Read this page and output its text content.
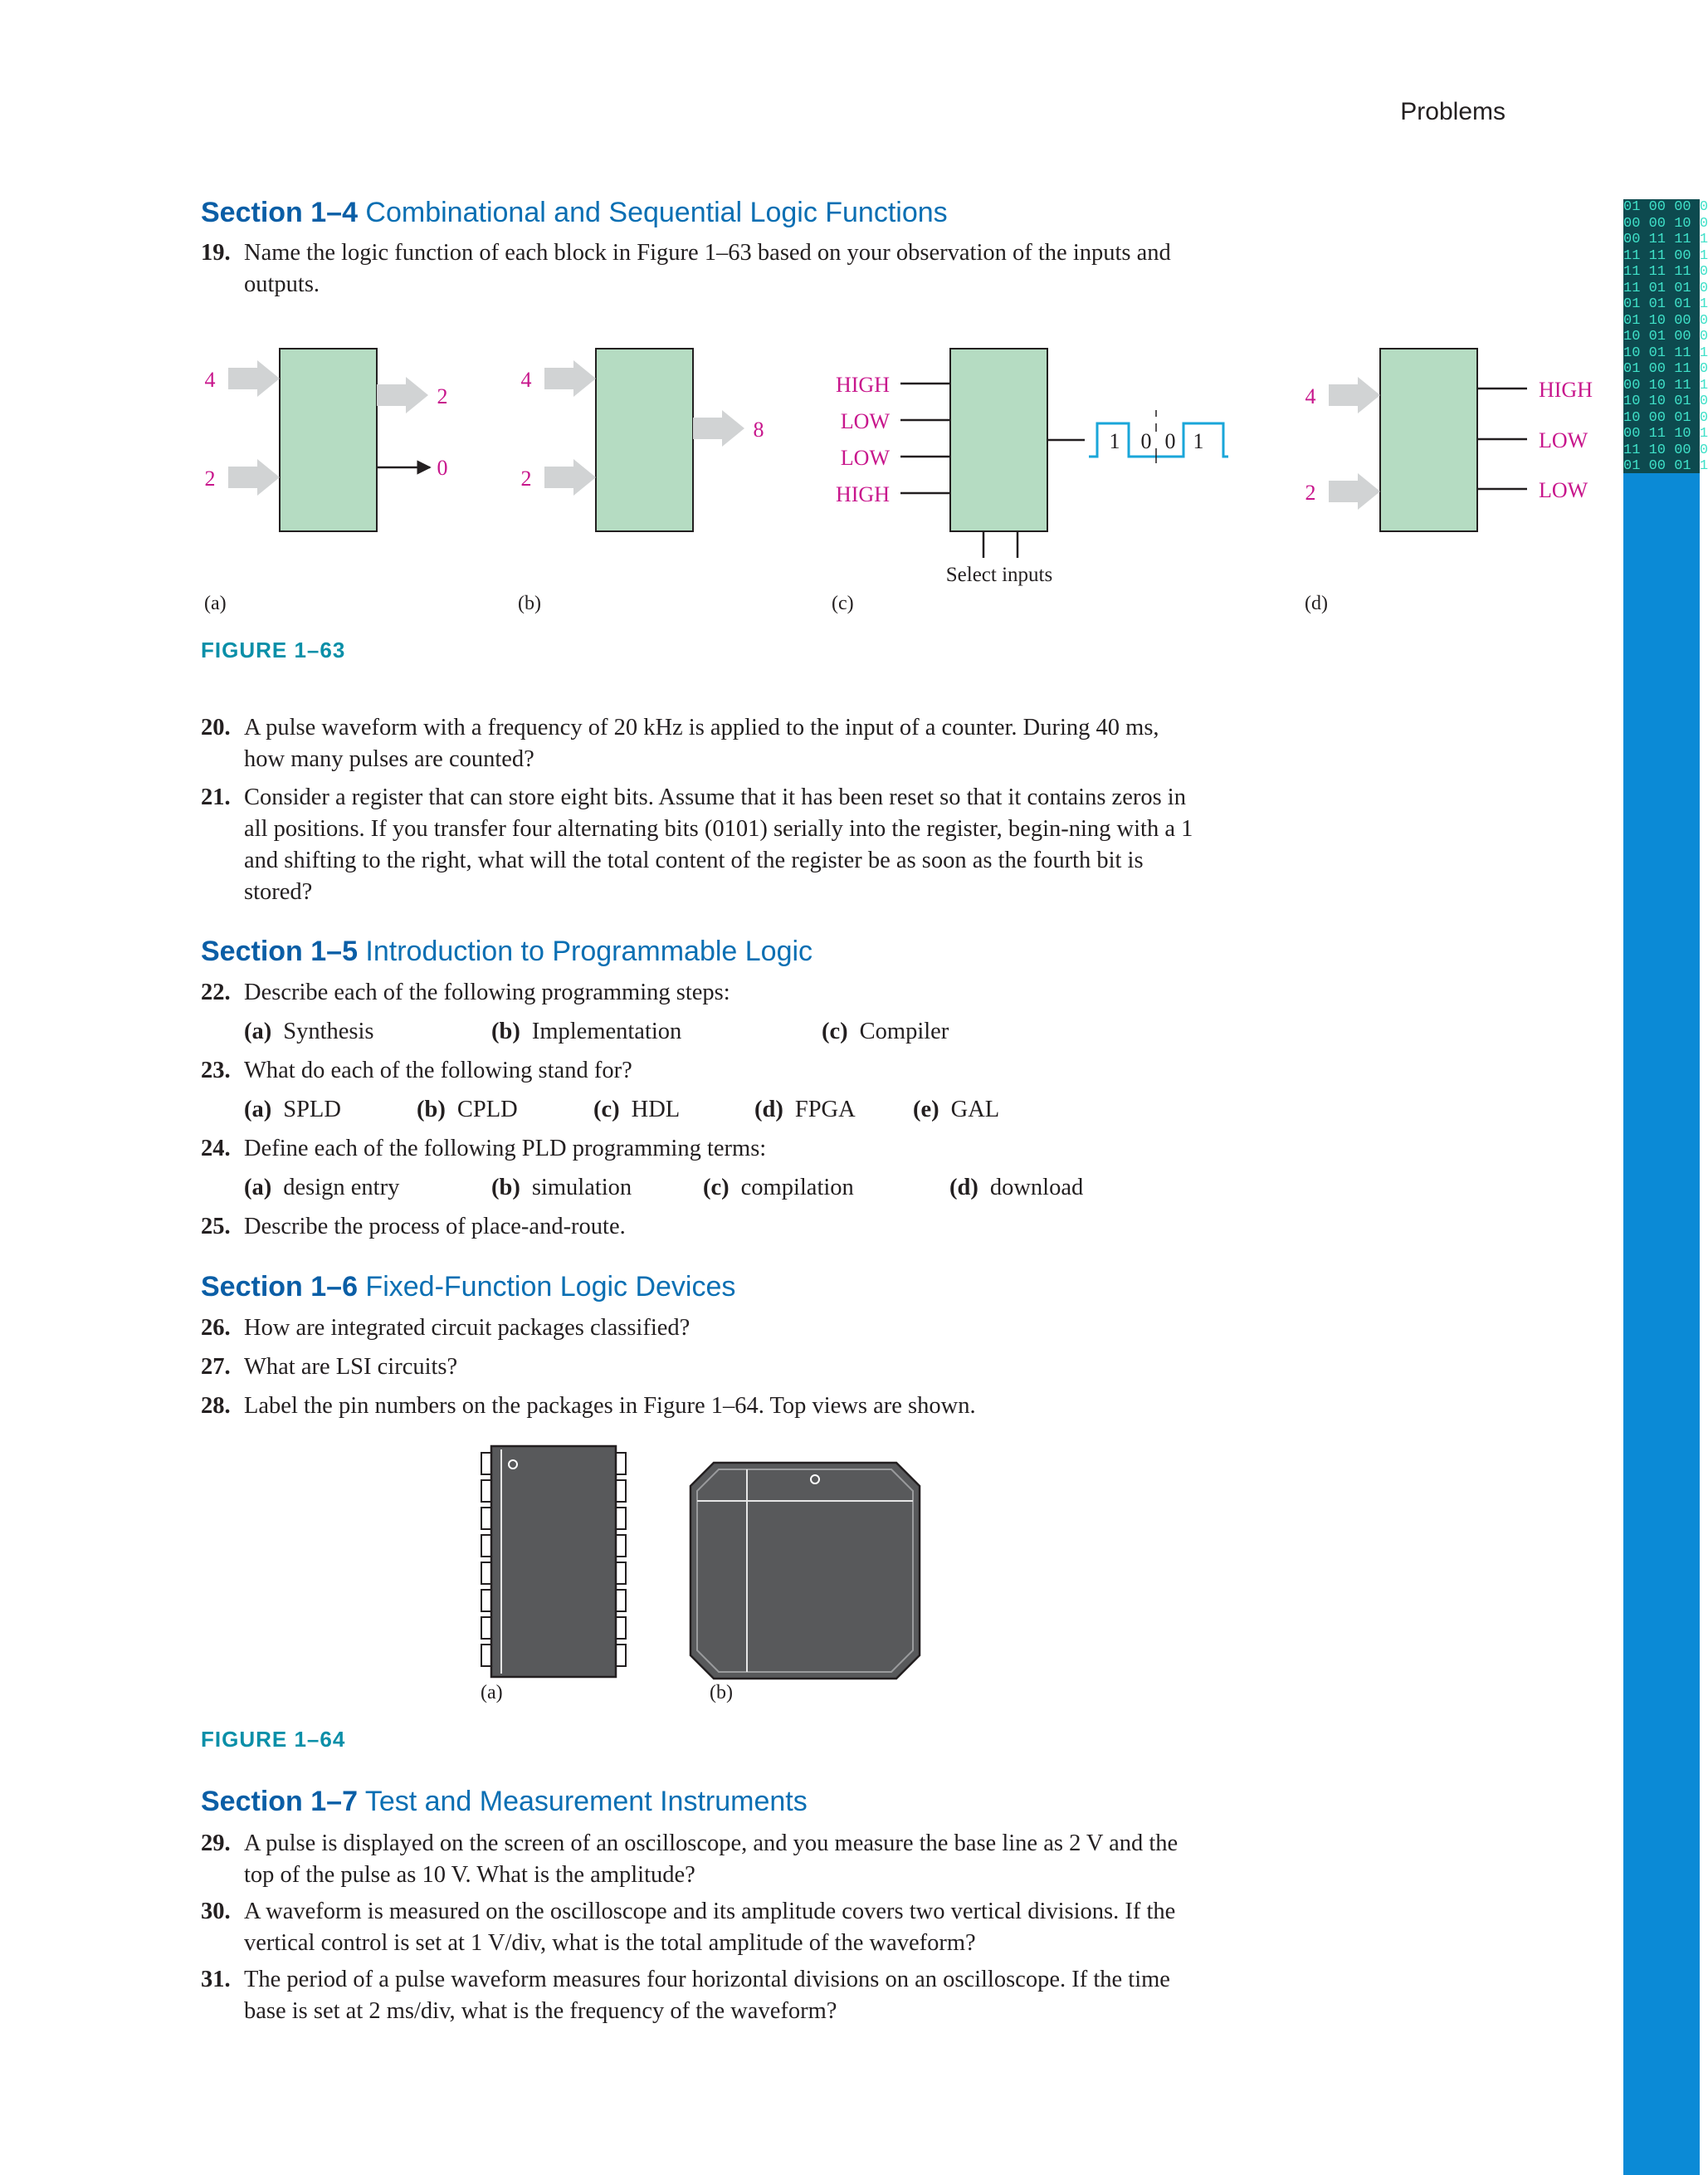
Problems
01 00 00 0
00 00 10 0
00 11 11 1
11 11 00 1
11 11 11 0
11 01 01 0
01 01 01 1
01 10 00 0
10 01 00 0
10 01 11 1
01 00 11 0
00 10 11 1
10 10 01 0
10 00 01 0
00 11 10 1
11 10 00 0
01 00 01 1
Section 1–4 Combinational and Sequential Logic Functions
19. Name the logic function of each block in Figure 1–63 based on your observation of the inputs and outputs.
4
2
2
0
4
2
8
HIGH
LOW
LOW
HIGH
Select inputs
1 0 0 1
4
2
HIGH
LOW
LOW
(a)	(b)	(c)	(d)
FIGURE 1–63
20. A pulse waveform with a frequency of 20 kHz is applied to the input of a counter. During 40 ms, how many pulses are counted?
21. Consider a register that can store eight bits. Assume that it has been reset so that it contains zeros in all positions. If you transfer four alternating bits (0101) serially into the register, begin-ning with a 1 and shifting to the right, what will the total content of the register be as soon as the fourth bit is stored?
Section 1–5 Introduction to Programmable Logic
22. Describe each of the following programming steps:
(a) Synthesis	(b) Implementation	(c) Compiler
23. What do each of the following stand for?
(a) SPLD	(b) CPLD	(c) HDL	(d) FPGA (e) GAL
24. Define each of the following PLD programming terms:
(a) design entry	(b) simulation	(c) compilation	(d) download
25. Describe the process of place-and-route.
Section 1–6 Fixed-Function Logic Devices
26. How are integrated circuit packages classified?
27. What are LSI circuits?
28. Label the pin numbers on the packages in Figure 1–64. Top views are shown.
(a)	(b)
FIGURE 1–64
Section 1–7 Test and Measurement Instruments
29. A pulse is displayed on the screen of an oscilloscope, and you measure the base line as 2 V and the top of the pulse as 10 V. What is the amplitude?
30. A waveform is measured on the oscilloscope and its amplitude covers two vertical divisions. If the vertical control is set at 1 V/div, what is the total amplitude of the waveform?
31. The period of a pulse waveform measures four horizontal divisions on an oscilloscope. If the time base is set at 2 ms/div, what is the frequency of the waveform?
